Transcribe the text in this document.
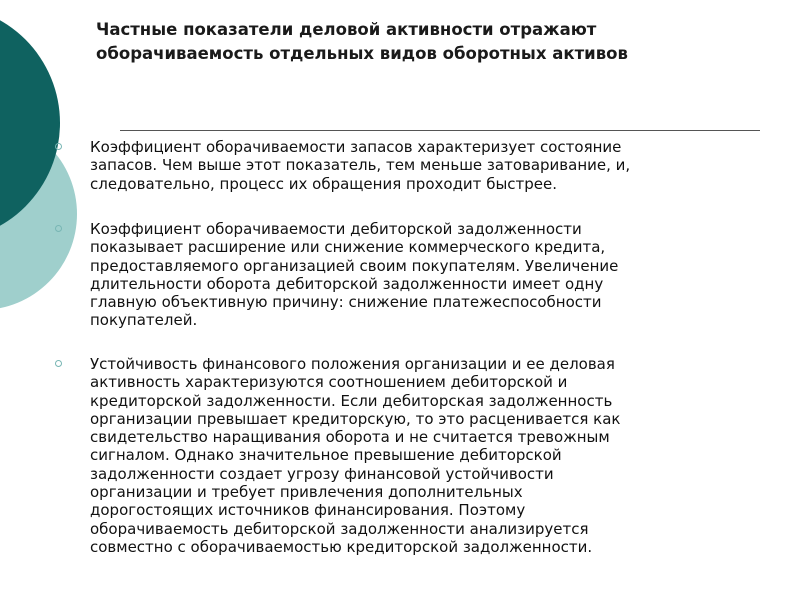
Частные показатели деловой активности отражают
оборачиваемость отдельных видов оборотных активов
Коэффициент оборачиваемости запасов характеризует состояние
запасов. Чем выше этот показатель, тем меньше затоваривание, и,
следовательно, процесс их обращения проходит быстрее.
Коэффициент оборачиваемости дебиторской задолженности
показывает расширение или снижение коммерческого кредита,
предоставляемого организацией своим покупателям. Увеличение
длительности оборота дебиторской задолженности имеет одну
главную объективную причину: снижение платежеспособности
покупателей.
Устойчивость финансового положения организации и ее деловая
активность характеризуются соотношением дебиторской и
кредиторской задолженности. Если дебиторская задолженность
организации превышает кредиторскую, то это расценивается как
свидетельство наращивания оборота и не считается тревожным
сигналом. Однако значительное превышение дебиторской
задолженности создает угрозу финансовой устойчивости
организации и требует привлечения дополнительных
дорогостоящих источников финансирования. Поэтому
оборачиваемость дебиторской задолженности анализируется
совместно с оборачиваемостью кредиторской задолженности.
